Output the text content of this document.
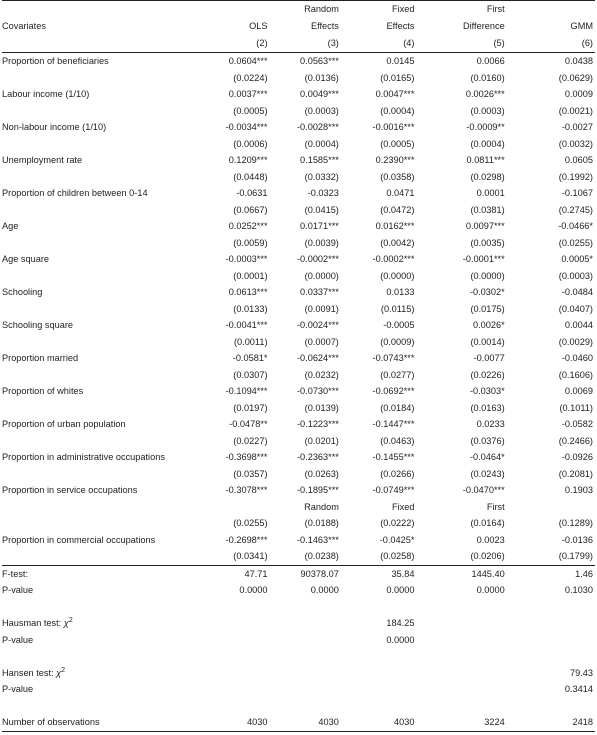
		Random	Fixed	First	
Covariates	OLS	Effects	Effects	Difference	GMM
	(2)	(3)	(4)	(5)	(6)
Proportion of beneficiaries	0.0604***	0.0563***	0.0145	0.0066	0.0438
	(0.0224)	(0.0136)	(0.0165)	(0.0160)	(0.0629)
Labour income (1/10)	0.0037***	0.0049***	0.0047***	0.0026***	0.0009
	(0.0005)	(0.0003)	(0.0004)	(0.0003)	(0.0021)
Non-labour income (1/10)	-0.0034***	-0.0028***	-0.0016***	-0.0009**	-0.0027
	(0.0006)	(0.0004)	(0.0005)	(0.0004)	(0.0032)
Unemployment rate	0.1209***	0.1585***	0.2390***	0.0811***	0.0605
	(0.0448)	(0.0332)	(0.0358)	(0.0298)	(0.1992)
Proportion of children between 0-14	-0.0631	-0.0323	0.0471	0.0001	-0.1067
	(0.0667)	(0.0415)	(0.0472)	(0.0381)	(0.2745)
Age	0.0252***	0.0171***	0.0162***	0.0097***	-0.0466*
	(0.0059)	(0.0039)	(0.0042)	(0.0035)	(0.0255)
Age square	-0.0003***	-0.0002***	-0.0002***	-0.0001***	0.0005*
	(0.0001)	(0.0000)	(0.0000)	(0.0000)	(0.0003)
Schooling	0.0613***	0.0337***	0.0133	-0.0302*	-0.0484
	(0.0133)	(0.0091)	(0.0115)	(0.0175)	(0.0407)
Schooling square	-0.0041***	-0.0024***	-0.0005	0.0026*	0.0044
	(0.0011)	(0.0007)	(0.0009)	(0.0014)	(0.0029)
Proportion married	-0.0581*	-0.0624***	-0.0743***	-0.0077	-0.0460
	(0.0307)	(0.0232)	(0.0277)	(0.0226)	(0.1606)
Proportion of whites	-0.1094***	-0.0730***	-0.0692***	-0.0303*	0.0069
	(0.0197)	(0.0139)	(0.0184)	(0.0163)	(0.1011)
Proportion of urban population	-0.0478**	-0.1223***	-0.1447***	0.0233	-0.0582
	(0.0227)	(0.0201)	(0.0463)	(0.0376)	(0.2466)
Proportion in administrative occupations	-0.3698***	-0.2363***	-0.1455***	-0.0464*	-0.0926
	(0.0357)	(0.0263)	(0.0266)	(0.0243)	(0.2081)
Proportion in service occupations	-0.3078***	-0.1895***	-0.0749***	-0.0470***	0.1903
		Random	Fixed	First	
	(0.0255)	(0.0188)	(0.0222)	(0.0164)	(0.1289)
Proportion in commercial occupations	-0.2698***	-0.1463***	-0.0425*	0.0023	-0.0136
	(0.0341)	(0.0238)	(0.0258)	(0.0206)	(0.1799)
F-test:	47.71	90378.07	35.84	1445.40	1.46
P-value	0.0000	0.0000	0.0000	0.0000	0.1030

Hausman test: $\chi^2$			184.25		
P-value			0.0000		

Hansen test: $\chi^2$					79.43
P-value					0.3414

Number of observations	4030	4030	4030	3224	2418
